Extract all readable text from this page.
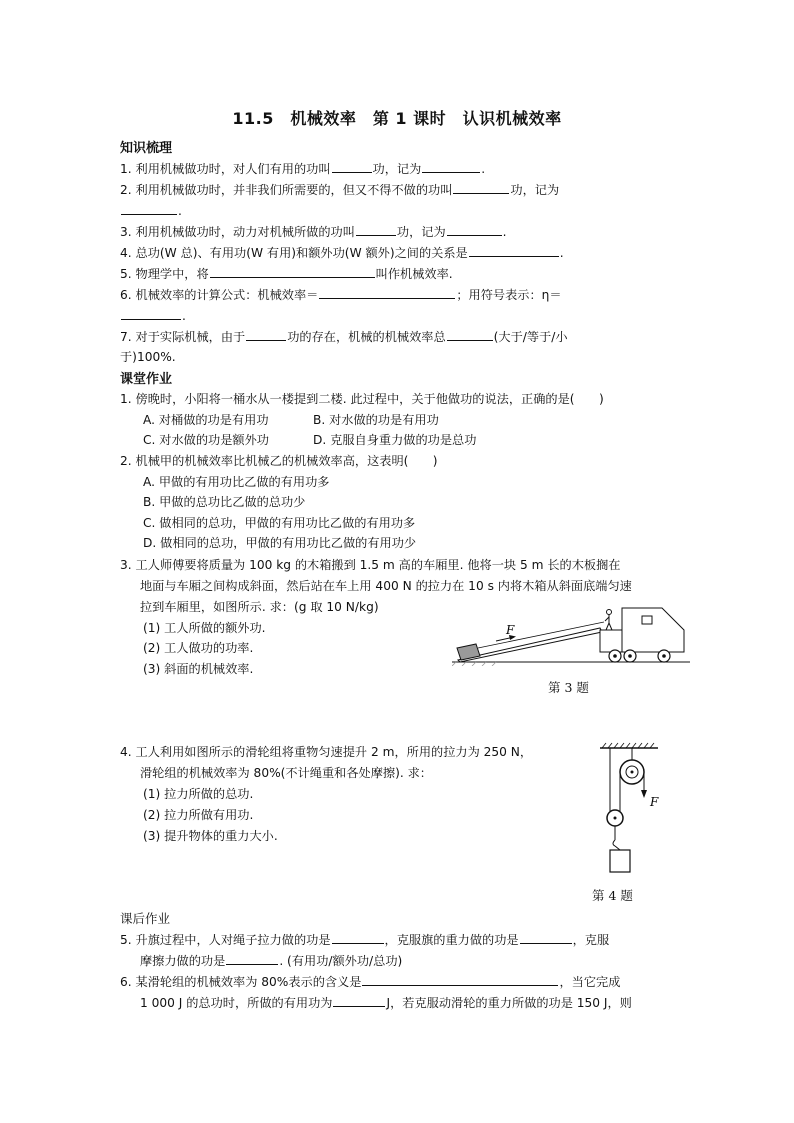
11.5　机械效率　第 1 课时　认识机械效率
知识梳理
1. 利用机械做功时，对人们有用的功叫	功，记为	.
2. 利用机械做功时，并非我们所需要的，但又不得不做的功叫	功，记为
.
3. 利用机械做功时，动力对机械所做的功叫	功，记为	.
4. 总功(W 总)、有用功(W 有用)和额外功(W 额外)之间的关系是	.
5. 物理学中，将	叫作机械效率.
6. 机械效率的计算公式：机械效率＝	；用符号表示：η＝
.
7. 对于实际机械，由于	功的存在，机械的机械效率总	(大于/等于/小
于)100%.
课堂作业
1. 傍晚时，小阳将一桶水从一楼提到二楼. 此过程中，关于他做功的说法，正确的是(　　)
A. 对桶做的功是有用功	B. 对水做的功是有用功
C. 对水做的功是额外功	D. 克服自身重力做的功是总功
2. 机械甲的机械效率比机械乙的机械效率高，这表明(　　)
A. 甲做的有用功比乙做的有用功多
B. 甲做的总功比乙做的总功少
C. 做相同的总功，甲做的有用功比乙做的有用功多
D. 做相同的总功，甲做的有用功比乙做的有用功少
3. 工人师傅要将质量为 100 kg 的木箱搬到 1.5 m 高的车厢里. 他将一块 5 m 长的木板搁在
地面与车厢之间构成斜面，然后站在车上用 400 N 的拉力在 10 s 内将木箱从斜面底端匀速
拉到车厢里，如图所示. 求：(g 取 10 N/kg)
(1) 工人所做的额外功.
(2) 工人做功的功率.
(3) 斜面的机械效率.
F
第 3 题
4. 工人利用如图所示的滑轮组将重物匀速提升 2 m，所用的拉力为 250 N，
滑轮组的机械效率为 80%(不计绳重和各处摩擦). 求：
(1) 拉力所做的总功.
(2) 拉力所做有用功.
(3) 提升物体的重力大小.
F
第 4 题
课后作业
5. 升旗过程中，人对绳子拉力做的功是	，克服旗的重力做的功是	，克服
摩擦力做的功是	. (有用功/额外功/总功)
6. 某滑轮组的机械效率为 80%表示的含义是	，当它完成
1 000 J 的总功时，所做的有用功为	J，若克服动滑轮的重力所做的功是 150 J，则
